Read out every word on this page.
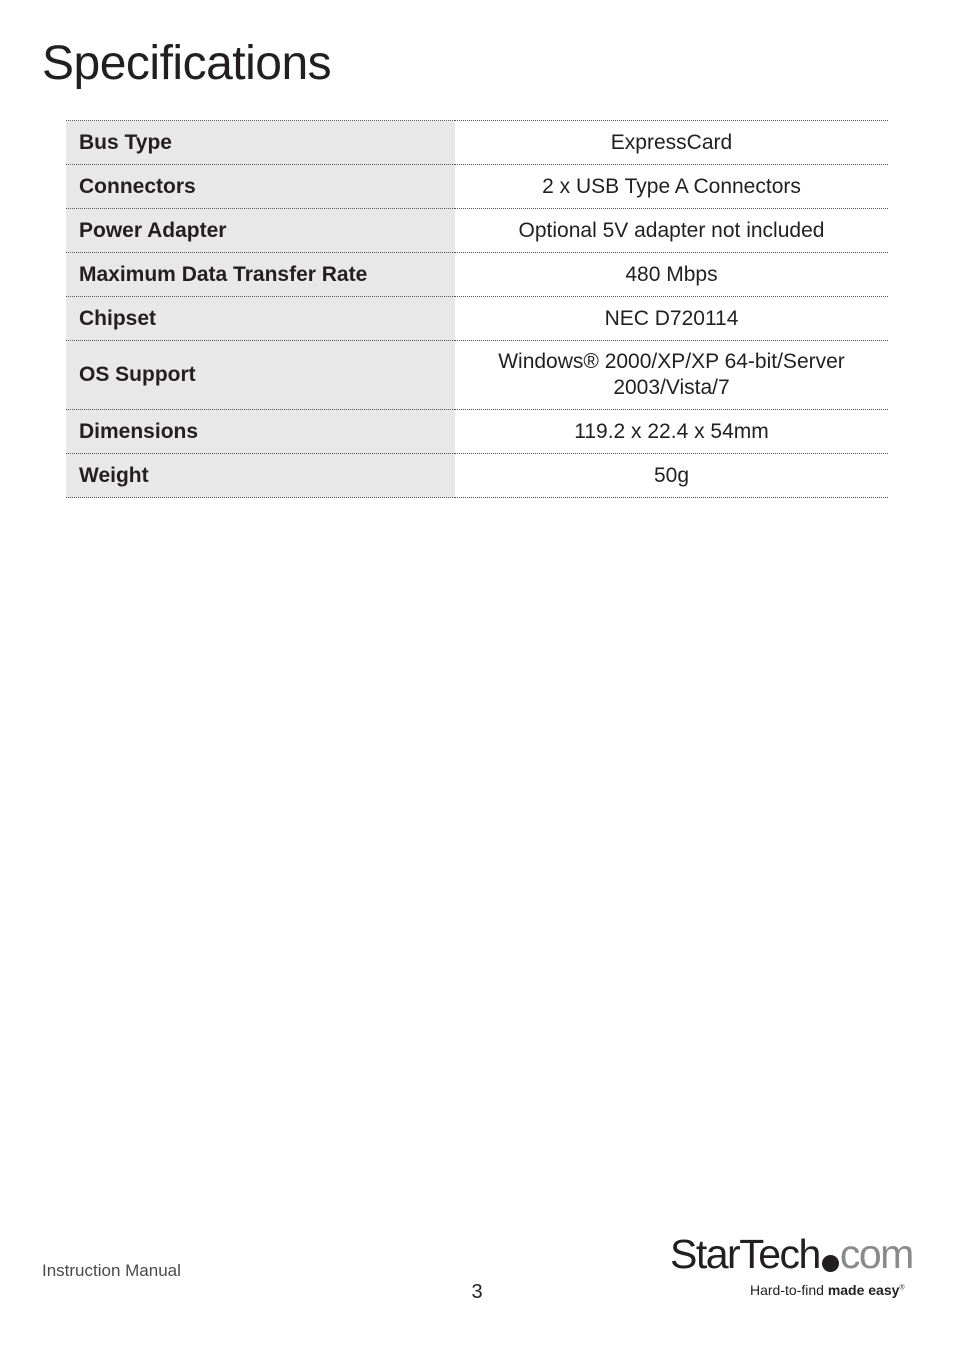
Specifications
Bus Type	ExpressCard
Connectors	2 x USB Type A Connectors
Power Adapter	Optional 5V adapter not included
Maximum Data Transfer Rate	480 Mbps
Chipset	NEC D720114
OS Support	Windows® 2000/XP/XP 64-bit/Server 2003/Vista/7
Dimensions	119.2 x 22.4 x 54mm
Weight	50g
Instruction Manual
3
StarTech com
Hard-to-find made easy®
